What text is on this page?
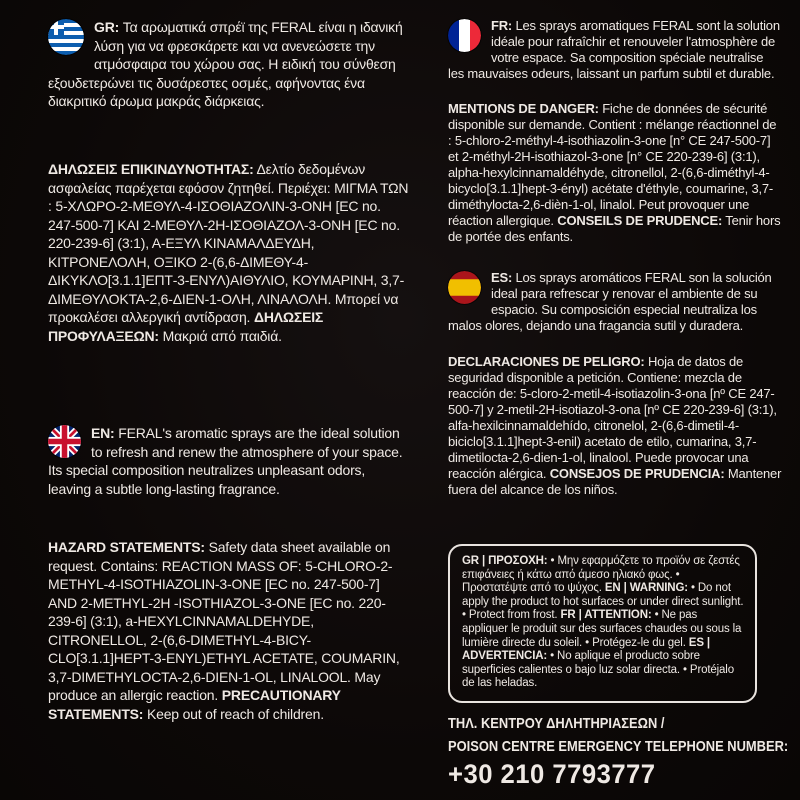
GR: Τα αρωματικά σπρέϊ της FERAL είναι η ιδανική λύση για να φρεσκάρετε και να ανενεώσετε την ατμόσφαιρα του χώρου σας. Η ειδική του σύνθεση εξουδετερώνει τις δυσάρεστες οσμές, αφήνοντας ένα διακριτικό άρωμα μακράς διάρκειας.

ΔΗΛΩΣΕΙΣ ΕΠΙΚΙΝΔΥΝΟΤΗΤΑΣ: Δελτίο δεδομένων ασφαλείας παρέχεται εφόσον ζητηθεί. Περιέχει: ΜΙΓΜΑ ΤΩΝ : 5-ΧΛΩΡΟ-2-ΜΕΘΥΛ-4-ΙΣΟΘΙΑΖΟΛΙΝ-3-ΟΝΗ [EC no. 247-500-7] ΚΑΙ 2-ΜΕΘΥΛ-2Η-ΙΣΟΘΙΑΖΟΛ-3-ΟΝΗ [EC no. 220-239-6] (3:1), Α-ΕΞΥΛ ΚΙΝΑΜΑΛΔΕΥΔΗ, ΚΙΤΡΟΝΕΛΟΛΗ, ΟΞΙΚΟ 2-(6,6-ΔΙΜΕΘΥ-4-ΔΙΚΥΚΛΟ[3.1.1]ΕΠΤ-3-ΕΝΥΛ)ΑΙΘΥΛΙΟ, ΚΟΥΜΑΡΙΝΗ, 3,7-ΔΙΜΕΘΥΛΟΚΤΑ-2,6-ΔΙΕΝ-1-ΟΛΗ, ΛΙΝΑΛΟΛΗ. Μπορεί να προκαλέσει αλλεργική αντίδραση. ΔΗΛΩΣΕΙΣ ΠΡΟΦΥΛΑΞΕΩΝ: Μακριά από παιδιά.

EN: FERAL's aromatic sprays are the ideal solution to refresh and renew the atmosphere of your space. Its special composition neutralizes unpleasant odors, leaving a subtle long-lasting fragrance.

HAZARD STATEMENTS: Safety data sheet available on request. Contains: REACTION MASS OF: 5-CHLORO-2-METHYL-4-ISOTHIAZOLIN-3-ONE [EC no. 247-500-7] AND 2-METHYL-2H -ISOTHIAZOL-3-ONE [EC no. 220-239-6] (3:1), a-HEXYLCINNAMALDEHYDE, CITRONELLOL, 2-(6,6-DIMETHYL-4-BICY-CLO[3.1.1]HEPT-3-ENYL)ETHYL ACETATE, COUMARIN, 3,7-DIMETHYLOCTA-2,6-DIEN-1-OL, LINALOOL. May produce an allergic reaction. PRECAUTIONARY STATEMENTS: Keep out of reach of children.

FR: Les sprays aromatiques FERAL sont la solution idéale pour rafraîchir et renouveler l'atmosphère de votre espace. Sa composition spéciale neutralise les mauvaises odeurs, laissant un parfum subtil et durable.

MENTIONS DE DANGER: Fiche de données de sécurité disponible sur demande. Contient : mélange réactionnel de : 5-chloro-2-méthyl-4-isothiazolin-3-one [n° CE 247-500-7] et 2-méthyl-2H-isothiazol-3-one [n° CE 220-239-6] (3:1), alpha-hexylcinnamaldéhyde, citronellol, 2-(6,6-diméthyl-4-bicyclo[3.1.1]hept-3-ényl) acétate d'éthyle, coumarine, 3,7-diméthylocta-2,6-dièn-1-ol, linalol. Peut provoquer une réaction allergique. CONSEILS DE PRUDENCE: Tenir hors de portée des enfants.

ES: Los sprays aromáticos FERAL son la solución ideal para refrescar y renovar el ambiente de su espacio. Su composición especial neutraliza los malos olores, dejando una fragancia sutil y duradera.

DECLARACIONES DE PELIGRO: Hoja de datos de seguridad disponible a petición. Contiene: mezcla de reacción de: 5-cloro-2-metil-4-isotiazolin-3-ona [nº CE 247-500-7] y 2-metil-2H-isotiazol-3-ona [nº CE 220-239-6] (3:1), alfa-hexilcinnamaldehído, citronelol, 2-(6,6-dimetil-4-biciclo[3.1.1]hept-3-enil) acetato de etilo, cumarina, 3,7-dimetilocta-2,6-dien-1-ol, linalool. Puede provocar una reacción alérgica. CONSEJOS DE PRUDENCIA: Mantener fuera del alcance de los niños.

GR | ΠΡΟΣΟΧΗ: • Μην εφαρμόζετε το προϊόν σε ζεστές επιφάνειες ή κάτω από άμεσο ηλιακό φως. • Προστατέψτε από το ψύχος. EN | WARNING: • Do not apply the product to hot surfaces or under direct sunlight. • Protect from frost. FR | ATTENTION: • Ne pas appliquer le produit sur des surfaces chaudes ou sous la lumière directe du soleil. • Protégez-le du gel. ES | ADVERTENCIA: • No aplique el producto sobre superficies calientes o bajo luz solar directa. • Protéjalo de las heladas.

ΤΗΛ. ΚΕΝΤΡΟΥ ΔΗΛΗΤΗΡΙΑΣΕΩΝ /

POISON CENTRE EMERGENCY TELEPHONE NUMBER:

+30 210 7793777
